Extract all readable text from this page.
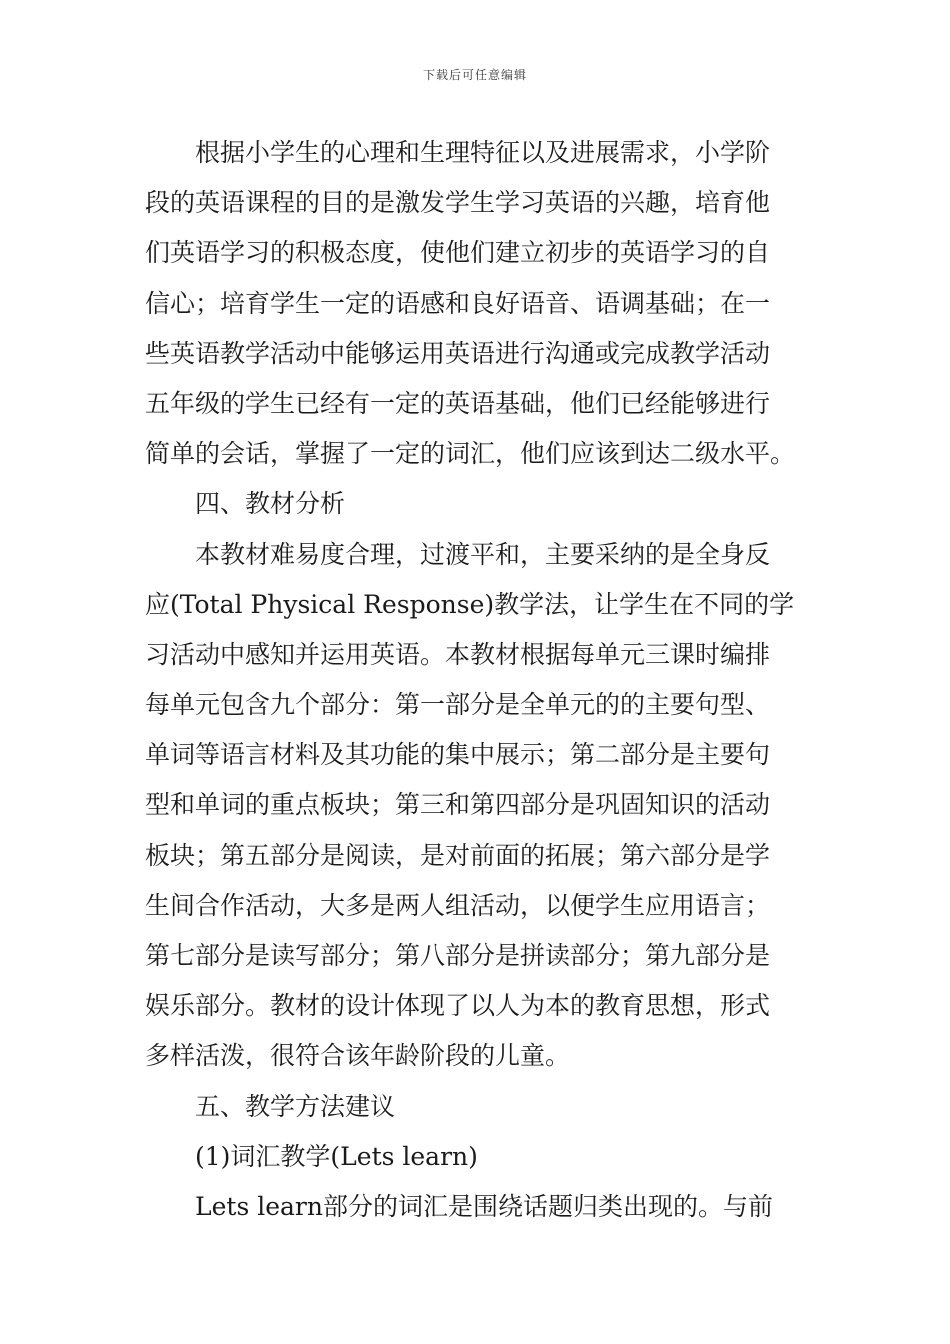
下载后可任意编辑
根据小学生的心理和生理特征以及进展需求，小学阶
段的英语课程的目的是激发学生学习英语的兴趣，培育他
们英语学习的积极态度，使他们建立初步的英语学习的自
信心；培育学生一定的语感和良好语音、语调基础；在一
些英语教学活动中能够运用英语进行沟通或完成教学活动
五年级的学生已经有一定的英语基础，他们已经能够进行
简单的会话，掌握了一定的词汇，他们应该到达二级水平。
四、教材分析
本教材难易度合理，过渡平和，主要采纳的是全身反
应(Total Physical Response)教学法，让学生在不同的学
习活动中感知并运用英语。本教材根据每单元三课时编排
每单元包含九个部分：第一部分是全单元的的主要句型、
单词等语言材料及其功能的集中展示；第二部分是主要句
型和单词的重点板块；第三和第四部分是巩固知识的活动
板块；第五部分是阅读，是对前面的拓展；第六部分是学
生间合作活动，大多是两人组活动，以便学生应用语言；
第七部分是读写部分；第八部分是拼读部分；第九部分是
娱乐部分。教材的设计体现了以人为本的教育思想，形式
多样活泼，很符合该年龄阶段的儿童。
五、教学方法建议
(1)词汇教学(Lets learn)
Lets learn部分的词汇是围绕话题归类出现的。与前
